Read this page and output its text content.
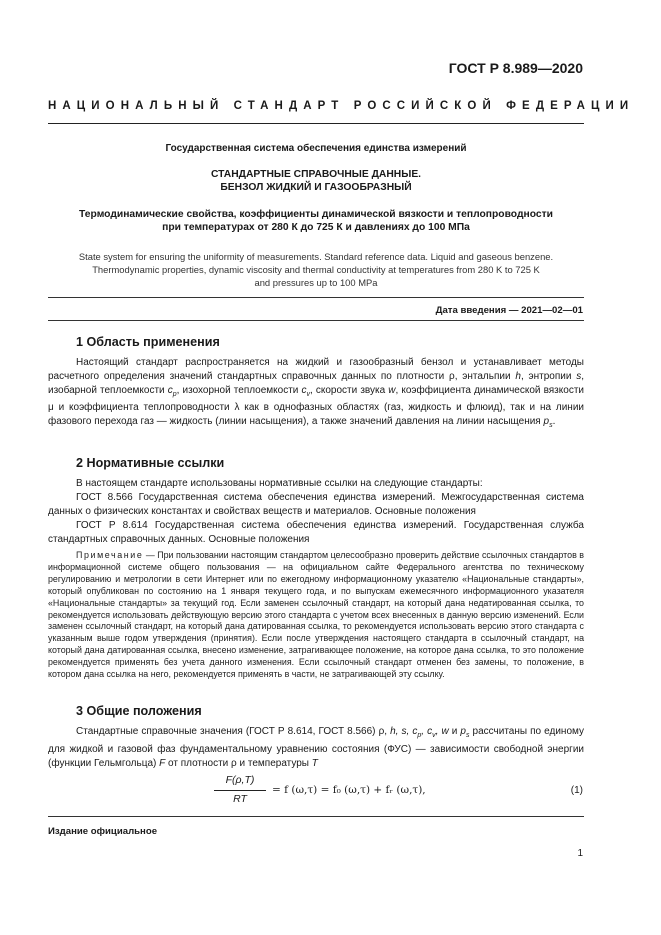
ГОСТ Р 8.989—2020
НАЦИОНАЛЬНЫЙ СТАНДАРТ РОССИЙСКОЙ ФЕДЕРАЦИИ
Государственная система обеспечения единства измерений
СТАНДАРТНЫЕ СПРАВОЧНЫЕ ДАННЫЕ.
БЕНЗОЛ ЖИДКИЙ И ГАЗООБРАЗНЫЙ
Термодинамические свойства, коэффициенты динамической вязкости и теплопроводности
при температурах от 280 К до 725 К и давлениях до 100 МПа
State system for ensuring the uniformity of measurements. Standard reference data. Liquid and gaseous benzene.
Thermodynamic properties, dynamic viscosity and thermal conductivity at temperatures from 280 K to 725 K
and pressures up to 100 MPa
Дата введения — 2021—02—01
1 Область применения

Настоящий стандарт распространяется на жидкий и газообразный бензол и устанавливает методы расчетного определения значений стандартных справочных данных по плотности ρ, энтальпии h, энтропии s, изобарной теплоемкости $c_p$, изохорной теплоемкости $c_v$, скорости звука w, коэффициента динамической вязкости μ и коэффициента теплопроводности λ как в однофазных областях (газ, жидкость и флюид), так и на линии фазового перехода газ — жидкость (линии насыщения), а также значений давления на линии насыщения $p_s$.

2 Нормативные ссылки

В настоящем стандарте использованы нормативные ссылки на следующие стандарты:

ГОСТ 8.566 Государственная система обеспечения единства измерений. Межгосударственная система данных о физических константах и свойствах веществ и материалов. Основные положения

ГОСТ Р 8.614 Государственная система обеспечения единства измерений. Государственная служба стандартных справочных данных. Основные положения

Примечание — При пользовании настоящим стандартом целесообразно проверить действие ссылочных стандартов в информационной системе общего пользования — на официальном сайте Федерального агентства по техническому регулированию и метрологии в сети Интернет или по ежегодному информационному указателю «Национальные стандарты», который опубликован по состоянию на 1 января текущего года, и по выпускам ежемесячного информационного указателя «Национальные стандарты» за текущий год. Если заменен ссылочный стандарт, на который дана недатированная ссылка, то рекомендуется использовать действующую версию этого стандарта с учетом всех внесенных в данную версию изменений. Если заменен ссылочный стандарт, на который дана датированная ссылка, то рекомендуется использовать версию этого стандарта с указанным выше годом утверждения (принятия). Если после утверждения настоящего стандарта в ссылочный стандарт, на который дана датированная ссылка, внесено изменение, затрагивающее положение, на которое дана ссылка, то это положение рекомендуется применять без учета данного изменения. Если ссылочный стандарт отменен без замены, то положение, в котором дана ссылка на него, рекомендуется применять в части, не затрагивающей эту ссылку.

3 Общие положения

Стандартные справочные значения (ГОСТ Р 8.614, ГОСТ 8.566) ρ, h, s, $c_p$, $c_v$, w и $p_s$ рассчитаны по единому для жидкой и газовой фаз фундаментальному уравнению состояния (ФУС) — зависимости свободной энергии (функции Гельмгольца) F от плотности ρ и температуры T

F(ρ,T)
RT
= f (ω,τ) = f₀ (ω,τ) + fᵣ (ω,τ),	(1)
Издание официальное
1
